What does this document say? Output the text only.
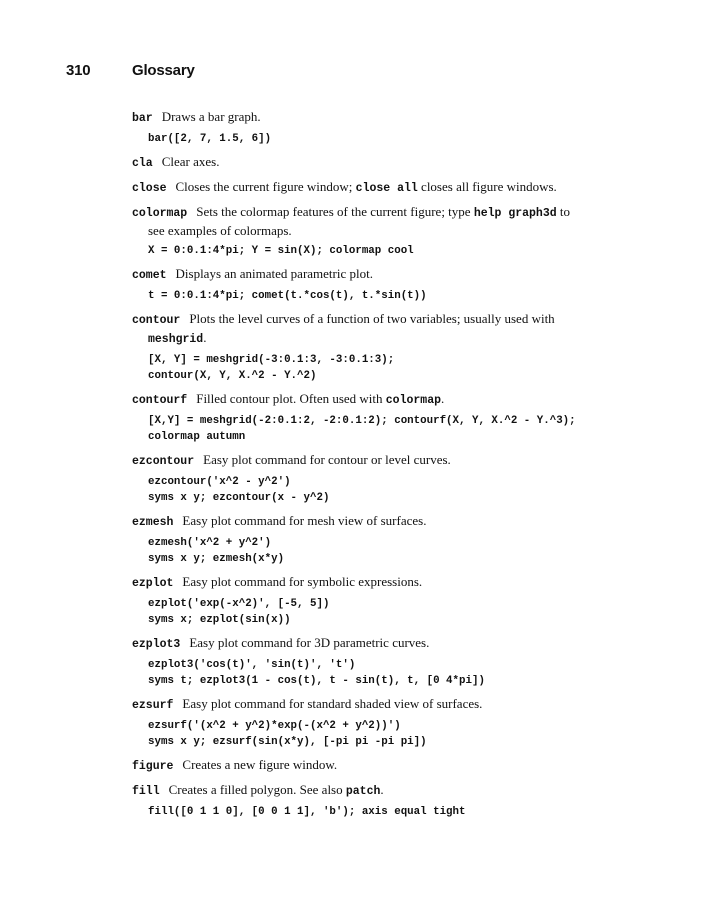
310	Glossary

bar Draws a bar graph.

bar([2, 7, 1.5, 6])

cla Clear axes.

close Closes the current figure window; close all closes all figure windows.

colormap Sets the colormap features of the current figure; type help graph3d to
see examples of colormaps.

X = 0:0.1:4*pi; Y = sin(X); colormap cool

comet Displays an animated parametric plot.

t = 0:0.1:4*pi; comet(t.*cos(t), t.*sin(t))

contour Plots the level curves of a function of two variables; usually used with
meshgrid.

[X, Y] = meshgrid(-3:0.1:3, -3:0.1:3);

contour(X, Y, X.^2 - Y.^2)

contourf Filled contour plot. Often used with colormap.

[X,Y] = meshgrid(-2:0.1:2, -2:0.1:2); contourf(X, Y, X.^2 - Y.^3);

colormap autumn

ezcontour Easy plot command for contour or level curves.

ezcontour('x^2 - y^2')

syms x y; ezcontour(x - y^2)

ezmesh Easy plot command for mesh view of surfaces.

ezmesh('x^2 + y^2')

syms x y; ezmesh(x*y)

ezplot Easy plot command for symbolic expressions.

ezplot('exp(-x^2)', [-5, 5])

syms x; ezplot(sin(x))

ezplot3 Easy plot command for 3D parametric curves.

ezplot3('cos(t)', 'sin(t)', 't')

syms t; ezplot3(1 - cos(t), t - sin(t), t, [0 4*pi])

ezsurf Easy plot command for standard shaded view of surfaces.

ezsurf('(x^2 + y^2)*exp(-(x^2 + y^2))')

syms x y; ezsurf(sin(x*y), [-pi pi -pi pi])

figure Creates a new figure window.

fill Creates a filled polygon. See also patch.

fill([0 1 1 0], [0 0 1 1], 'b'); axis equal tight
